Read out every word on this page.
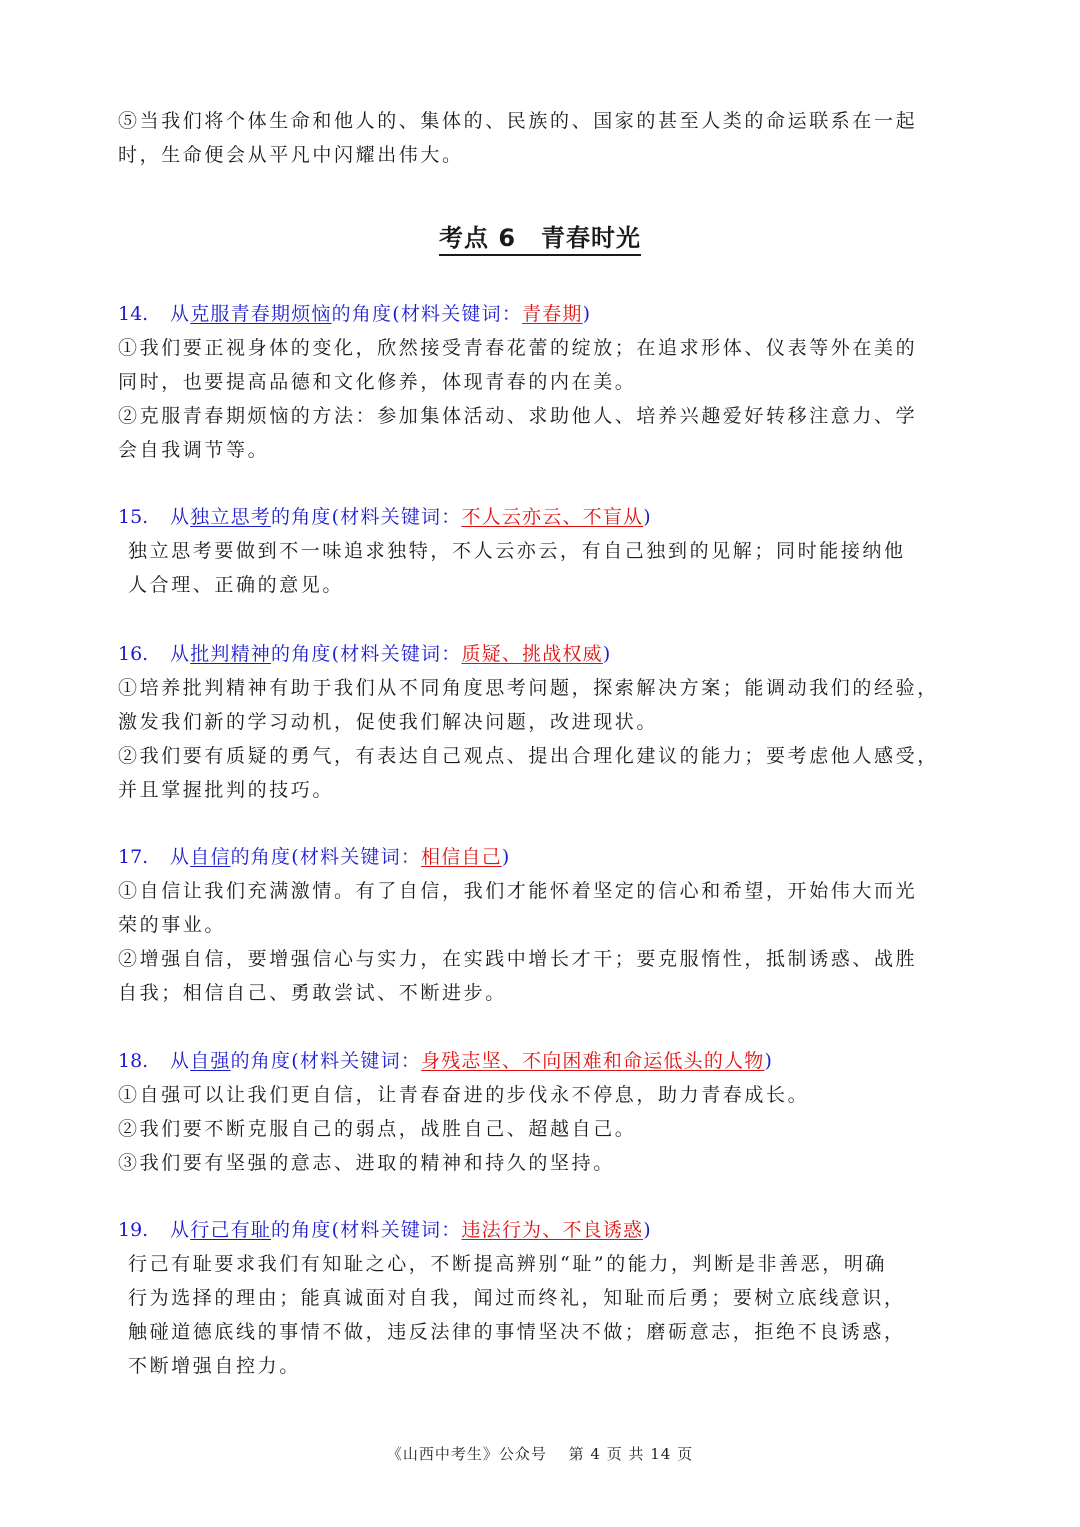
⑤当我们将个体生命和他人的、集体的、民族的、国家的甚至人类的命运联系在一起
时，生命便会从平凡中闪耀出伟大。
考点 6　青春时光
14. 从克服青春期烦恼的角度(材料关键词：青春期)
①我们要正视身体的变化，欣然接受青春花蕾的绽放；在追求形体、仪表等外在美的
同时，也要提高品德和文化修养，体现青春的内在美。
②克服青春期烦恼的方法：参加集体活动、求助他人、培养兴趣爱好转移注意力、学
会自我调节等。
15. 从独立思考的角度(材料关键词：不人云亦云、不盲从)
独立思考要做到不一味追求独特，不人云亦云，有自己独到的见解；同时能接纳他
人合理、正确的意见。
16. 从批判精神的角度(材料关键词：质疑、挑战权威)
①培养批判精神有助于我们从不同角度思考问题，探索解决方案；能调动我们的经验，
激发我们新的学习动机，促使我们解决问题，改进现状。
②我们要有质疑的勇气，有表达自己观点、提出合理化建议的能力；要考虑他人感受，
并且掌握批判的技巧。
17. 从自信的角度(材料关键词：相信自己)
①自信让我们充满激情。有了自信，我们才能怀着坚定的信心和希望，开始伟大而光
荣的事业。
②增强自信，要增强信心与实力，在实践中增长才干；要克服惰性，抵制诱惑、战胜
自我；相信自己、勇敢尝试、不断进步。
18. 从自强的角度(材料关键词：身残志坚、不向困难和命运低头的人物)
①自强可以让我们更自信，让青春奋进的步伐永不停息，助力青春成长。
②我们要不断克服自己的弱点，战胜自己、超越自己。
③我们要有坚强的意志、进取的精神和持久的坚持。
19. 从行己有耻的角度(材料关键词：违法行为、不良诱惑)
行己有耻要求我们有知耻之心，不断提高辨别“耻”的能力，判断是非善恶，明确
行为选择的理由；能真诚面对自我，闻过而终礼，知耻而后勇；要树立底线意识，
触碰道德底线的事情不做，违反法律的事情坚决不做；磨砺意志，拒绝不良诱惑，
不断增强自控力。
《山西中考生》公众号　 第 4 页 共 14 页
